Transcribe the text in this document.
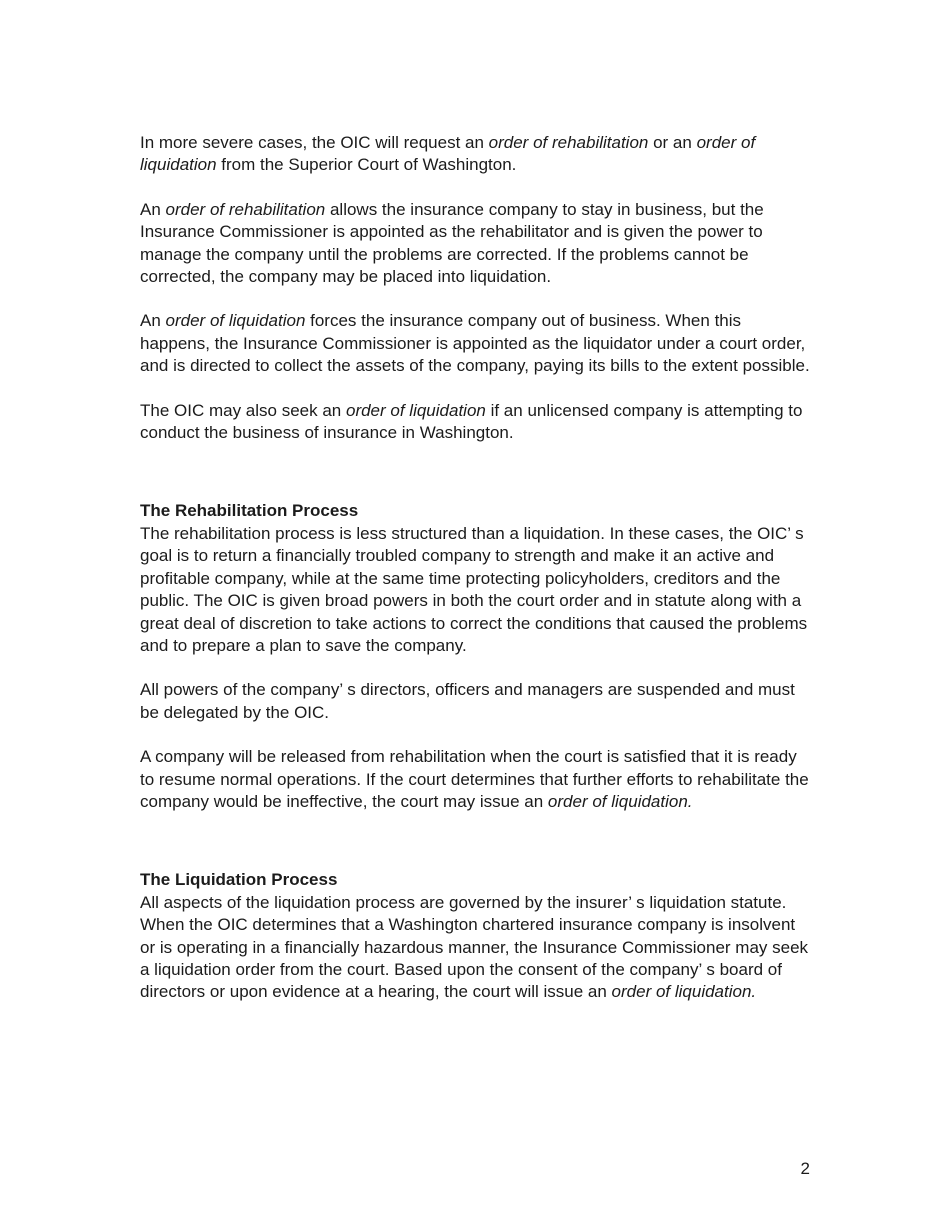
In more severe cases, the OIC will request an order of rehabilitation or an order of liquidation from the Superior Court of Washington.

An order of rehabilitation allows the insurance company to stay in business, but the Insurance Commissioner is appointed as the rehabilitator and is given the power to manage the company until the problems are corrected. If the problems cannot be corrected, the company may be placed into liquidation.

An order of liquidation forces the insurance company out of business. When this happens, the Insurance Commissioner is appointed as the liquidator under a court order, and is directed to collect the assets of the company, paying its bills to the extent possible.

The OIC may also seek an order of liquidation if an unlicensed company is attempting to conduct the business of insurance in Washington.

The Rehabilitation Process

The rehabilitation process is less structured than a liquidation. In these cases, the OIC’ s goal is to return a financially troubled company to strength and make it an active and profitable company, while at the same time protecting policyholders, creditors and the public. The OIC is given broad powers in both the court order and in statute along with a great deal of discretion to take actions to correct the conditions that caused the problems and to prepare a plan to save the company.

All powers of the company’ s directors, officers and managers are suspended and must be delegated by the OIC.

A company will be released from rehabilitation when the court is satisfied that it is ready to resume normal operations. If the court determines that further efforts to rehabilitate the company would be ineffective, the court may issue an order of liquidation.

The Liquidation Process

All aspects of the liquidation process are governed by the insurer’ s liquidation statute. When the OIC determines that a Washington chartered insurance company is insolvent or is operating in a financially hazardous manner, the Insurance Commissioner may seek a liquidation order from the court. Based upon the consent of the company’ s board of directors or upon evidence at a hearing, the court will issue an order of liquidation.

2
